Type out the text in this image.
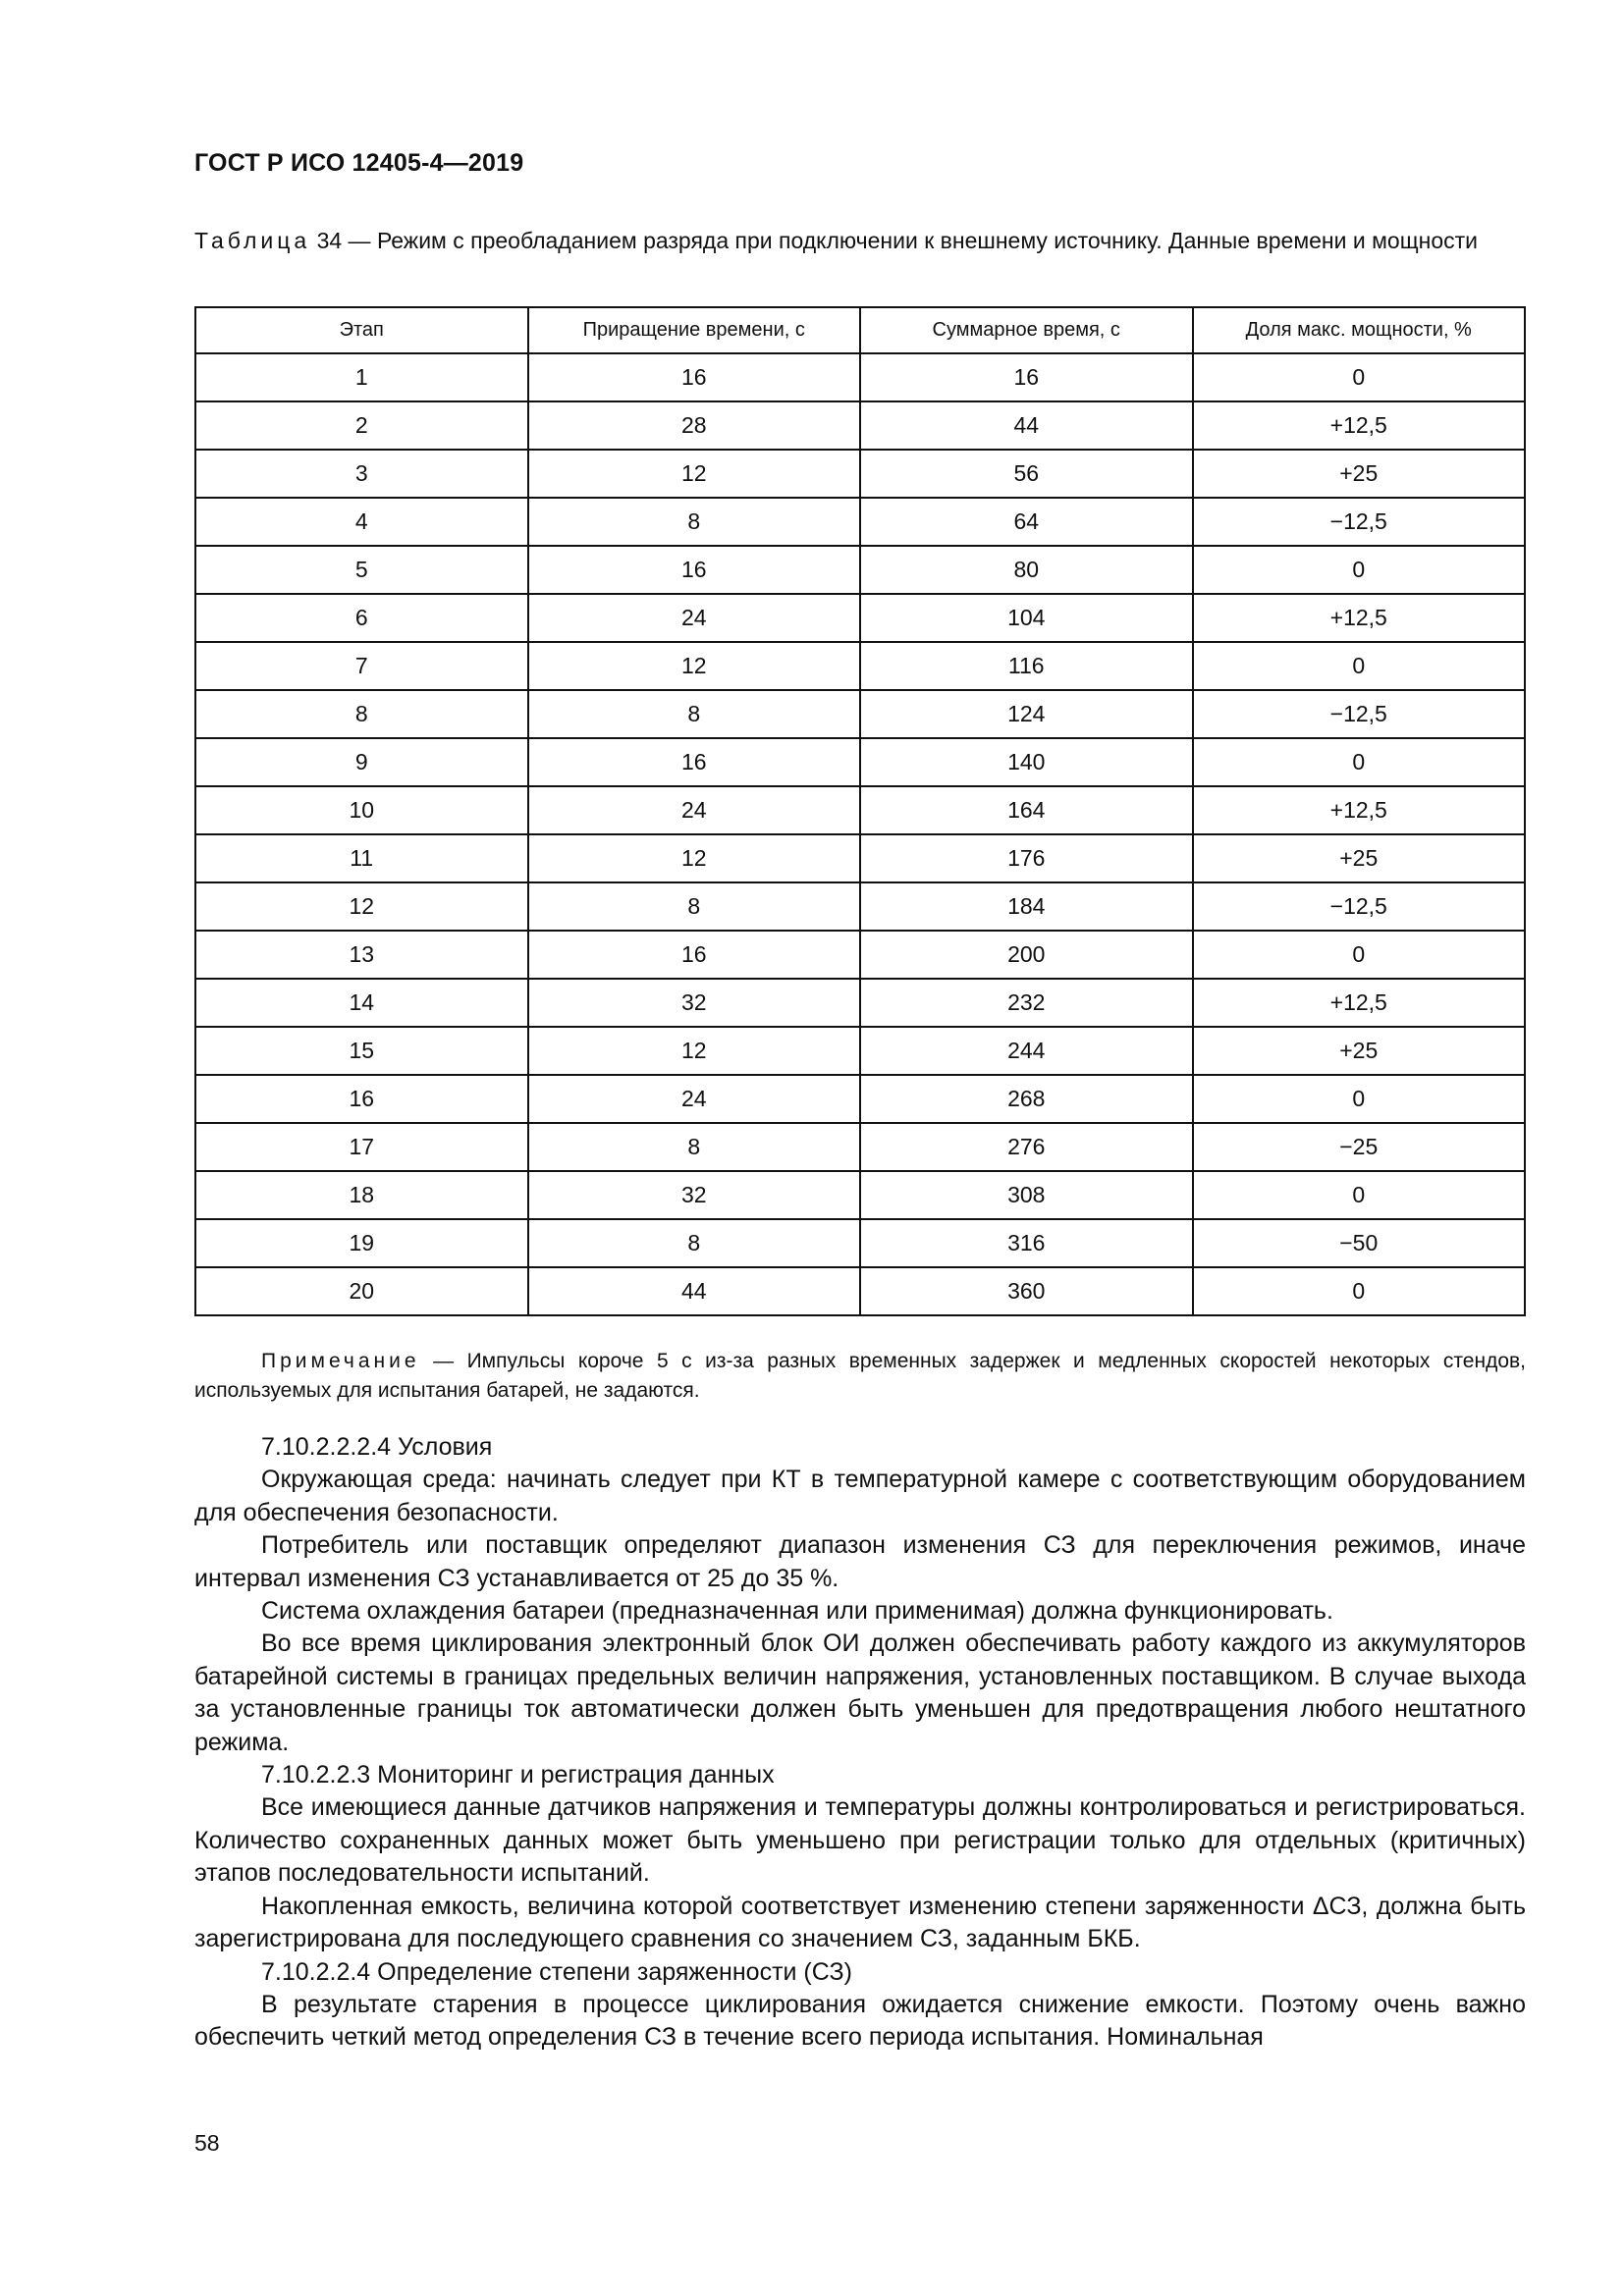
ГОСТ Р ИСО 12405-4—2019
Таблица 34 — Режим с преобладанием разряда при подключении к внешнему источнику. Данные времени и мощности
Этап	Приращение времени, с	Суммарное время, с	Доля макс. мощности, %
1	16	16	0
2	28	44	+12,5
3	12	56	+25
4	8	64	−12,5
5	16	80	0
6	24	104	+12,5
7	12	116	0
8	8	124	−12,5
9	16	140	0
10	24	164	+12,5
11	12	176	+25
12	8	184	−12,5
13	16	200	0
14	32	232	+12,5
15	12	244	+25
16	24	268	0
17	8	276	−25
18	32	308	0
19	8	316	−50
20	44	360	0
Примечание — Импульсы короче 5 с из-за разных временных задержек и медленных скоростей некоторых стендов, используемых для испытания батарей, не задаются.

7.10.2.2.2.4 Условия

Окружающая среда: начинать следует при КТ в температурной камере с соответствующим оборудованием для обеспечения безопасности.

Потребитель или поставщик определяют диапазон изменения СЗ для переключения режимов, иначе интервал изменения СЗ устанавливается от 25 до 35 %.

Система охлаждения батареи (предназначенная или применимая) должна функционировать.

Во все время циклирования электронный блок ОИ должен обеспечивать работу каждого из аккумуляторов батарейной системы в границах предельных величин напряжения, установленных поставщиком. В случае выхода за установленные границы ток автоматически должен быть уменьшен для предотвращения любого нештатного режима.

7.10.2.2.3 Мониторинг и регистрация данных

Все имеющиеся данные датчиков напряжения и температуры должны контролироваться и регистрироваться. Количество сохраненных данных может быть уменьшено при регистрации только для отдельных (критичных) этапов последовательности испытаний.

Накопленная емкость, величина которой соответствует изменению степени заряженности ΔСЗ, должна быть зарегистрирована для последующего сравнения со значением СЗ, заданным БКБ.

7.10.2.2.4 Определение степени заряженности (СЗ)

В результате старения в процессе циклирования ожидается снижение емкости. Поэтому очень важно обеспечить четкий метод определения СЗ в течение всего периода испытания. Номинальная

58
